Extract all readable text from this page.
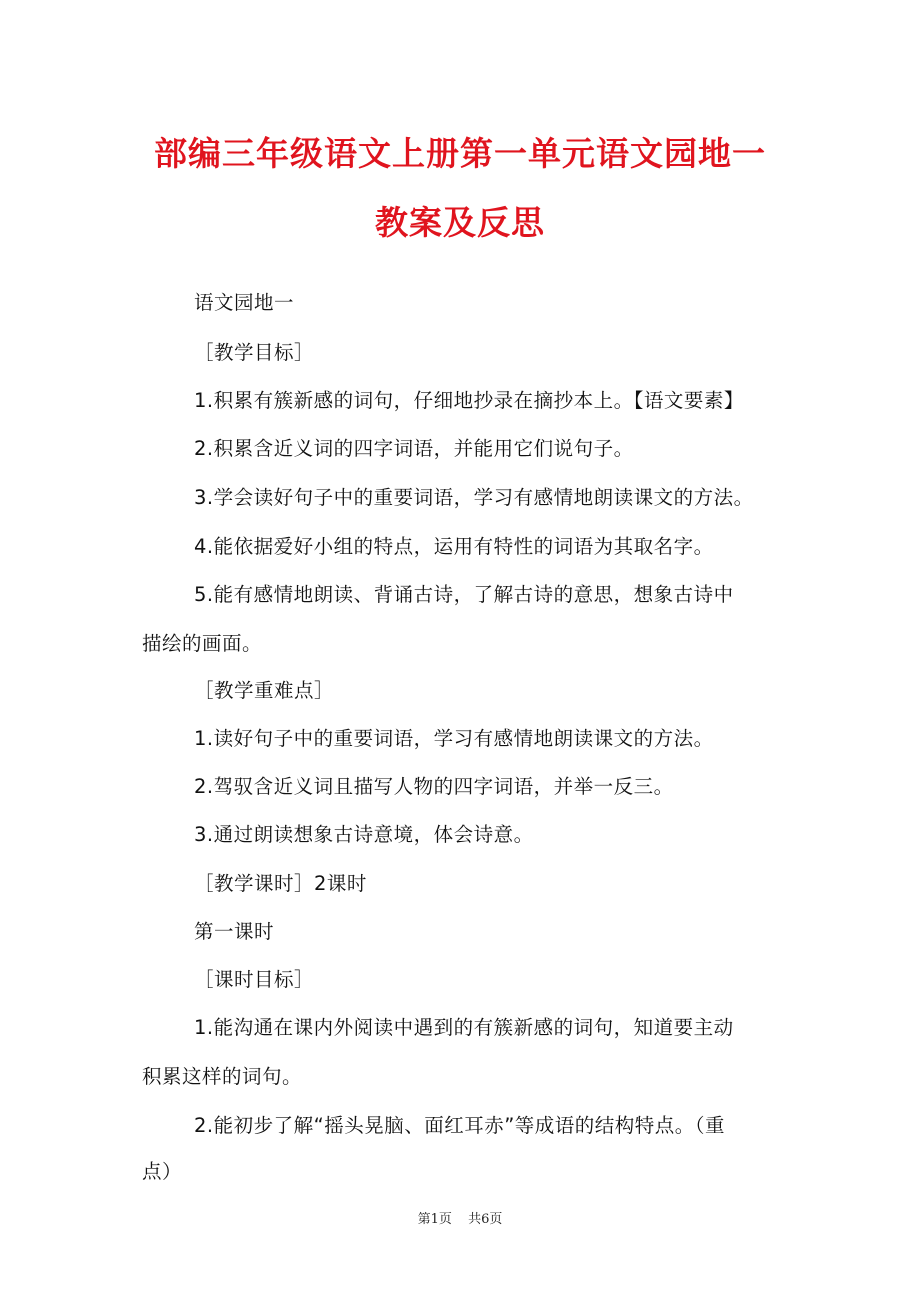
部编三年级语文上册第一单元语文园地一
教案及反思
语文园地一
［教学目标］
1.积累有簇新感的词句，仔细地抄录在摘抄本上。【语文要素】
2.积累含近义词的四字词语，并能用它们说句子。
3.学会读好句子中的重要词语，学习有感情地朗读课文的方法。
4.能依据爱好小组的特点，运用有特性的词语为其取名字。
5.能有感情地朗读、背诵古诗，了解古诗的意思，想象古诗中
描绘的画面。
［教学重难点］
1.读好句子中的重要词语，学习有感情地朗读课文的方法。
2.驾驭含近义词且描写人物的四字词语，并举一反三。
3.通过朗读想象古诗意境，体会诗意。
［教学课时］2课时
第一课时
［课时目标］
1.能沟通在课内外阅读中遇到的有簇新感的词句，知道要主动
积累这样的词句。
2.能初步了解“摇头晃脑、面红耳赤”等成语的结构特点。（重
点）
第1页 共6页
